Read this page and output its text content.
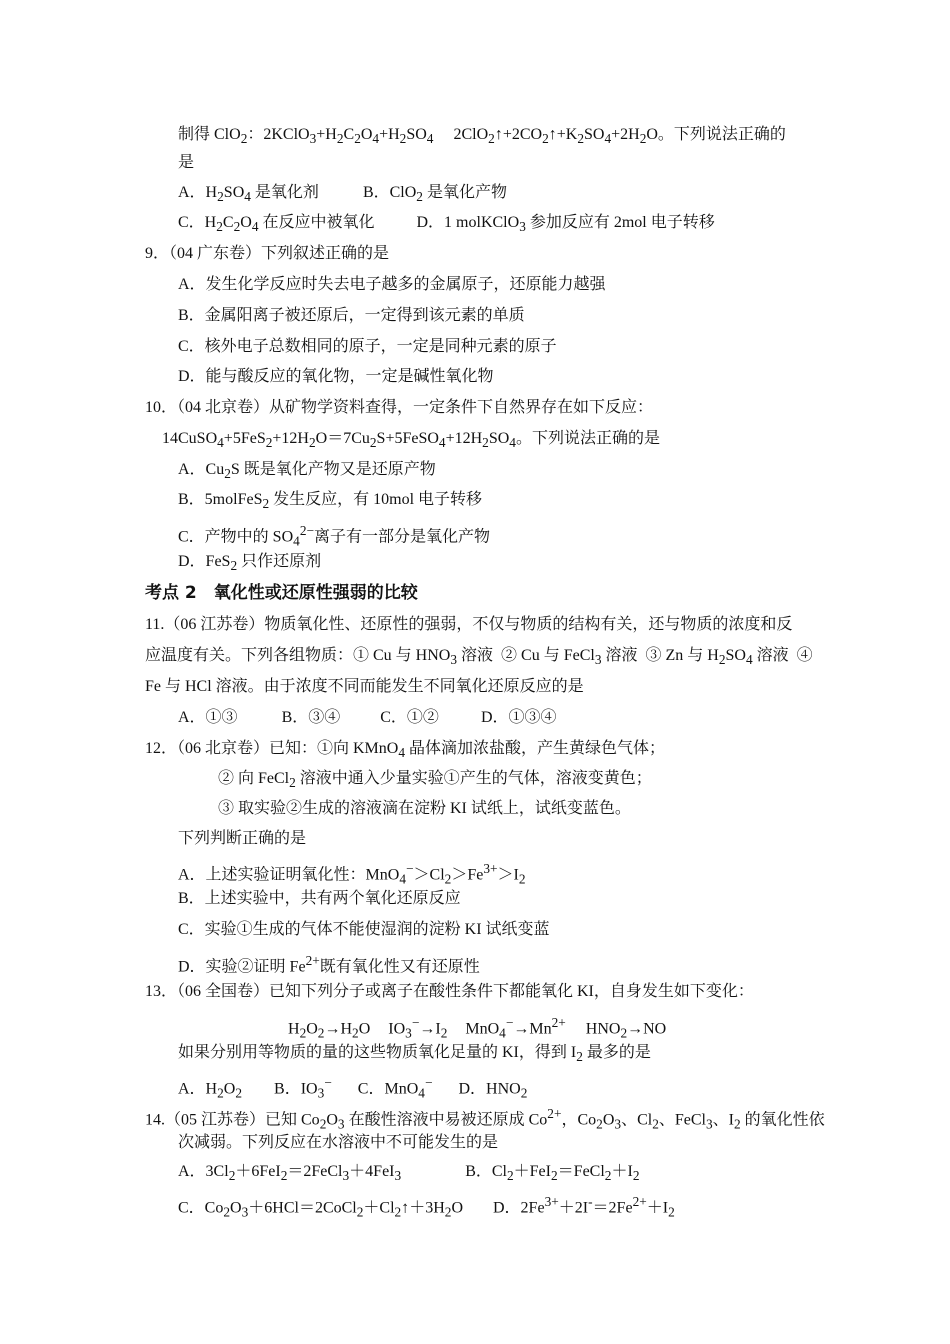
制得 ClO$_2$：$2KClO_3+H_2C_2O_4+H_2SO_4$     $2ClO_2↑+2CO_2↑+K_2SO_4+2H_2O$。下列说法正确的
是
A．$H_2SO_4$ 是氧化剂	B．ClO$_2$ 是氧化产物
C．$H_2C_2O_4$ 在反应中被氧化	D．1 molKClO$_3$ 参加反应有 2mol 电子转移
9．（04 广东卷）下列叙述正确的是
A．发生化学反应时失去电子越多的金属原子，还原能力越强
B．金属阳离子被还原后，一定得到该元素的单质
C．核外电子总数相同的原子，一定是同种元素的原子
D．能与酸反应的氧化物，一定是碱性氧化物
10．（04 北京卷）从矿物学资料查得，一定条件下自然界存在如下反应：
$14CuSO_4+5FeS_2+12H_2O=7Cu_2S+5FeSO_4+12H_2SO_4$。下列说法正确的是
A．$Cu_2S$ 既是氧化产物又是还原产物
B．5molFeS$_2$ 发生反应，有 10mol 电子转移
C．产物中的 $SO_4^{2-}$离子有一部分是氧化产物
D．FeS$_2$ 只作还原剂
考点 2　氧化性或还原性强弱的比较
11.（06 江苏卷）物质氧化性、还原性的强弱，不仅与物质的结构有关，还与物质的浓度和反
应温度有关。下列各组物质：① Cu 与 $HNO_3$ 溶液  ② Cu 与 FeCl$_3$ 溶液  ③ Zn 与 $H_2SO_4$ 溶液  ④
Fe 与 HCl 溶液。由于浓度不同而能发生不同氧化还原反应的是
A．①③	B．③④	C．①②	D．①③④
12．（06 北京卷）已知：①向 KMnO$_4$ 晶体滴加浓盐酸，产生黄绿色气体；
② 向 FeCl$_2$ 溶液中通入少量实验①产生的气体，溶液变黄色；
③ 取实验②生成的溶液滴在淀粉 KI 试纸上，试纸变蓝色。
下列判断正确的是
A．上述实验证明氧化性：$MnO_4^->Cl_2>Fe^{3+}>I_2$
B．上述实验中，共有两个氧化还原反应
C．实验①生成的气体不能使湿润的淀粉 KI 试纸变蓝
D．实验②证明 $Fe^{2+}$既有氧化性又有还原性
13．（06 全国卷）已知下列分子或离子在酸性条件下都能氧化 KI，自身发生如下变化：
$H_2O_2\to H_2O$ $IO_3^-\to I_2$ $MnO_4^-\to Mn^{2+}$ $HNO_2\to NO$
如果分别用等物质的量的这些物质氧化足量的 KI，得到 $I_2$ 最多的是
A．$H_2O_2$ B．$IO_3^-$ C．MnO$_4$− D．$HNO_2$
14.（05 江苏卷）已知 $Co_2O_3$ 在酸性溶液中易被还原成 $Co^{2+}$，$Co_2O_3$、$Cl_2$、FeCl$_3$、$I_2$ 的氧化性依
次减弱。下列反应在水溶液中不可能发生的是
A．$3Cl_2+6FeI_2=2FeCl_3+4FeI_3$	B．$Cl_2+FeI_2=FeCl_2+I_2$
C．$Co_2O_3+6HCl=2CoCl_2+Cl_2↑+3H_2O$ D．$2Fe^{3+}+2I^-=2Fe^{2+}+I_2$
